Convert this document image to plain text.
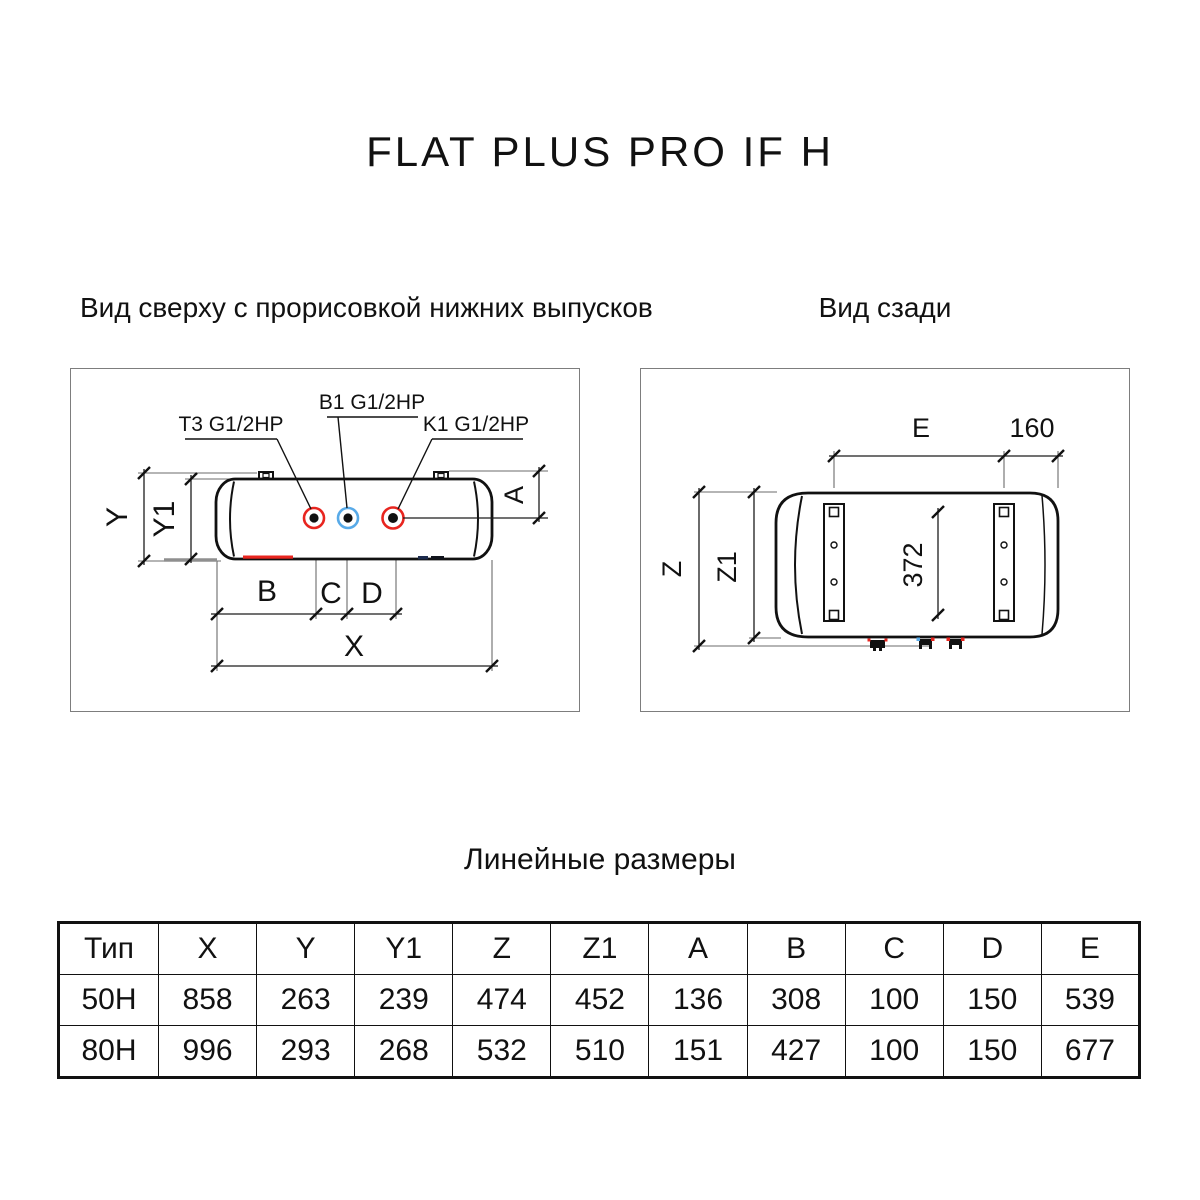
FLAT PLUS PRO IF H
Вид сверху с прорисовкой нижних выпусков	Вид сзади
T3 G1/2HP
B1 G1/2HP
K1 G1/2HP
Y Y1
A
B C D
X
E	160
Z Z1	372
Линейные размеры
Тип	X	Y	Y1	Z	Z1	A	B	C	D	E
50H	858	263	239	474	452	136	308	100	150	539
80H	996	293	268	532	510	151	427	100	150	677
